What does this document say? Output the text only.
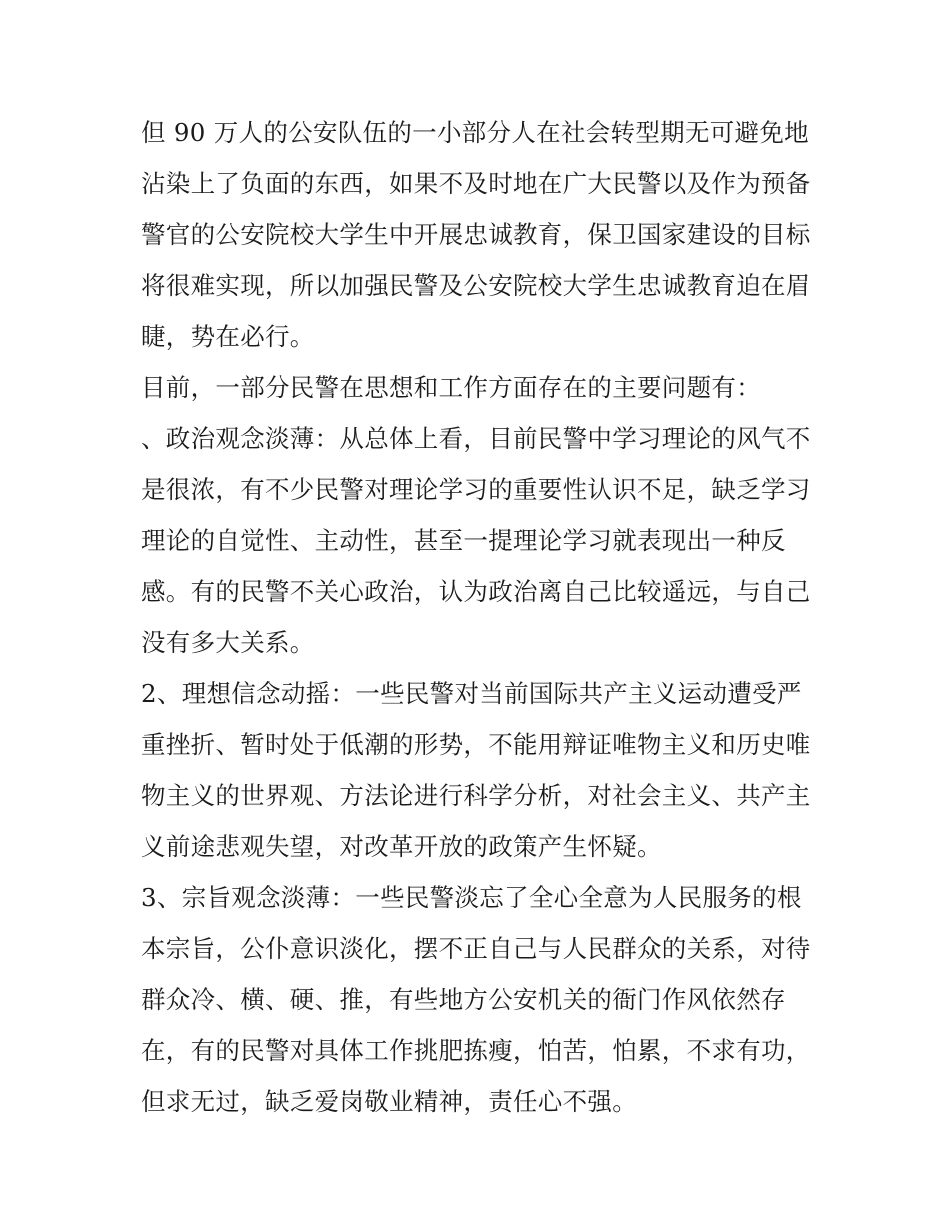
但 90 万人的公安队伍的一小部分人在社会转型期无可避免地
沾染上了负面的东西，如果不及时地在广大民警以及作为预备
警官的公安院校大学生中开展忠诚教育，保卫国家建设的目标
将很难实现，所以加强民警及公安院校大学生忠诚教育迫在眉
睫，势在必行。
目前，一部分民警在思想和工作方面存在的主要问题有：
、政治观念淡薄：从总体上看，目前民警中学习理论的风气不
是很浓，有不少民警对理论学习的重要性认识不足，缺乏学习
理论的自觉性、主动性，甚至一提理论学习就表现出一种反
感。有的民警不关心政治，认为政治离自己比较遥远，与自己
没有多大关系。
2、理想信念动摇：一些民警对当前国际共产主义运动遭受严
重挫折、暂时处于低潮的形势，不能用辩证唯物主义和历史唯
物主义的世界观、方法论进行科学分析，对社会主义、共产主
义前途悲观失望，对改革开放的政策产生怀疑。
3、宗旨观念淡薄：一些民警淡忘了全心全意为人民服务的根
本宗旨，公仆意识淡化，摆不正自己与人民群众的关系，对待
群众冷、横、硬、推，有些地方公安机关的衙门作风依然存
在，有的民警对具体工作挑肥拣瘦，怕苦，怕累，不求有功，
但求无过，缺乏爱岗敬业精神，责任心不强。
